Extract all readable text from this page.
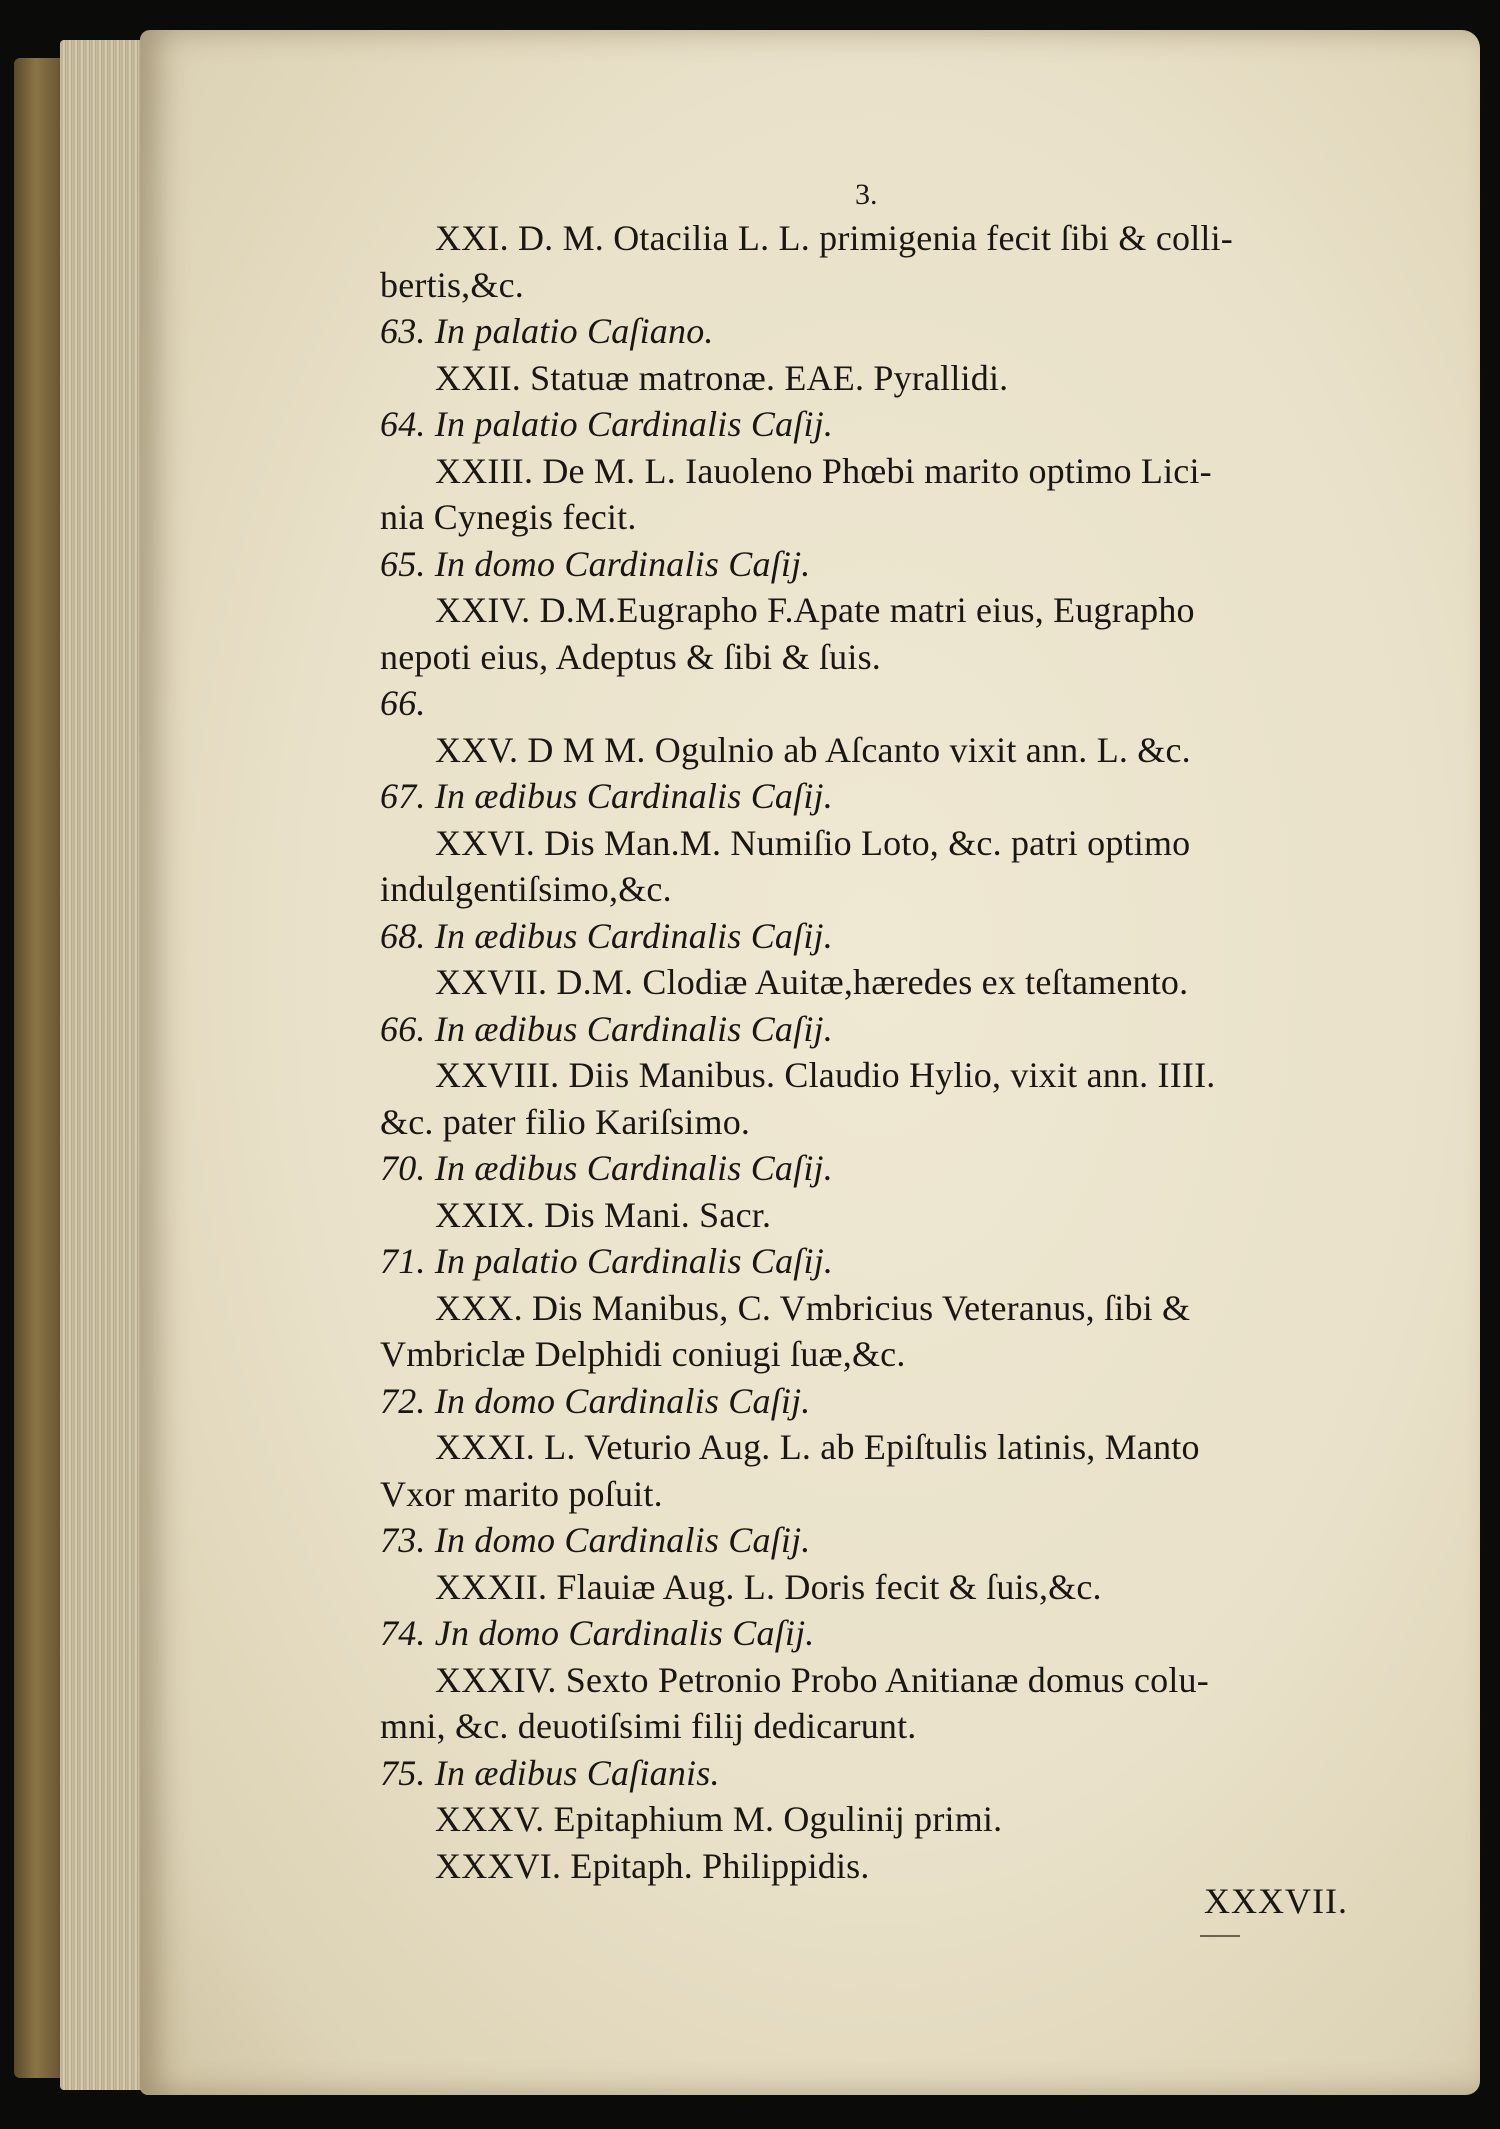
3.
XXI. D. M. Otacilia L. L. primigenia fecit ſibi & colli-
bertis,&c.
63. In palatio Caſiano.
XXII. Statuæ matronæ. EAE. Pyrallidi.
64. In palatio Cardinalis Caſij.
XXIII. De M. L. Iauoleno Phœbi marito optimo Lici-
nia Cynegis fecit.
65. In domo Cardinalis Caſij.
XXIV. D.M.Eugrapho F.Apate matri eius, Eugrapho
nepoti eius, Adeptus & ſibi & ſuis.
66.
XXV. D M M. Ogulnio ab Aſcanto vixit ann. L. &c.
67. In ædibus Cardinalis Caſij.
XXVI. Dis Man.M. Numiſio Loto, &c. patri optimo
indulgentiſsimo,&c.
68. In ædibus Cardinalis Caſij.
XXVII. D.M. Clodiæ Auitæ,hæredes ex teſtamento.
66. In ædibus Cardinalis Caſij.
XXVIII. Diis Manibus. Claudio Hylio, vixit ann. IIII.
&c. pater filio Kariſsimo.
70. In ædibus Cardinalis Caſij.
XXIX. Dis Mani. Sacr.
71. In palatio Cardinalis Caſij.
XXX. Dis Manibus, C. Vmbricius Veteranus, ſibi &
Vmbriclæ Delphidi coniugi ſuæ,&c.
72. In domo Cardinalis Caſij.
XXXI. L. Veturio Aug. L. ab Epiſtulis latinis, Manto
Vxor marito poſuit.
73. In domo Cardinalis Caſij.
XXXII. Flauiæ Aug. L. Doris fecit & ſuis,&c.
74. Jn domo Cardinalis Caſij.
XXXIV. Sexto Petronio Probo Anitianæ domus colu-
mni, &c. deuotiſsimi filij dedicarunt.
75. In ædibus Caſianis.
XXXV. Epitaphium M. Ogulinij primi.
XXXVI. Epitaph. Philippidis.
XXXVII.
